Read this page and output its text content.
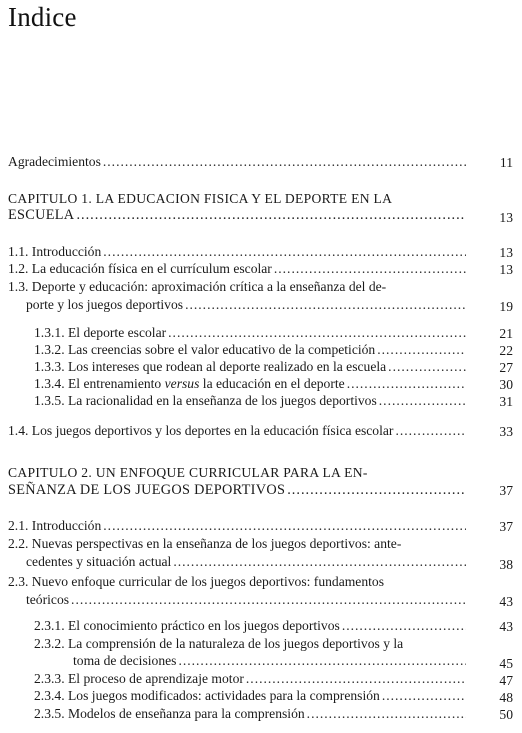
Indice
Agradecimientos .....	11
CAPITULO 1. LA EDUCACION FISICA Y EL DEPORTE EN LA
ESCUELA .....	13
1.1. Introducción .....	13
1.2. La educación física en el currículum escolar .....	13
1.3. Deporte y educación: aproximación crítica a la enseñanza del de-
porte y los juegos deportivos .....	19
1.3.1. El deporte escolar .....	21
1.3.2. Las creencias sobre el valor educativo de la competición .....	22
1.3.3. Los intereses que rodean al deporte realizado en la escuela .....	27
1.3.4. El entrenamiento versus la educación en el deporte .....	30
1.3.5. La racionalidad en la enseñanza de los juegos deportivos .....	31
1.4. Los juegos deportivos y los deportes en la educación física escolar .....	33
CAPITULO 2. UN ENFOQUE CURRICULAR PARA LA EN-
SEÑANZA DE LOS JUEGOS DEPORTIVOS .....	37
2.1. Introducción .....	37
2.2. Nuevas perspectivas en la enseñanza de los juegos deportivos: ante-
cedentes y situación actual .....	38
2.3. Nuevo enfoque curricular de los juegos deportivos: fundamentos
teóricos .....	43
2.3.1. El conocimiento práctico en los juegos deportivos .....	43
2.3.2. La comprensión de la naturaleza de los juegos deportivos y la
toma de decisiones .....	45
2.3.3. El proceso de aprendizaje motor .....	47
2.3.4. Los juegos modificados: actividades para la comprensión .....	48
2.3.5. Modelos de enseñanza para la comprensión .....	50
